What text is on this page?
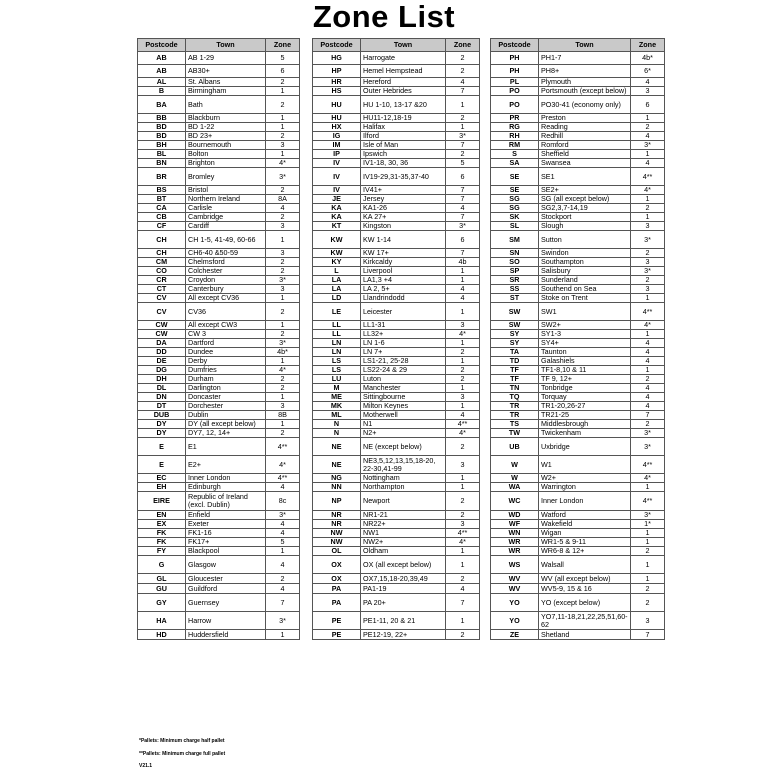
Zone List
Postcode	Town	Zone
AB	AB 1-29	5
AB	AB30+	6
AL	St. Albans	2
B	Birmingham	1
BA	Bath	2
BB	Blackburn	1
BD	BD 1-22	1
BD	BD 23+	2
BH	Bournemouth	3
BL	Bolton	1
BN	Brighton	4*
BR	Bromley	3*
BS	Bristol	2
BT	Northern Ireland	8A
CA	Carlisle	4
CB	Cambridge	2
CF	Cardiff	3
CH	CH 1-5, 41-49, 60-66	1
CH	CH6-40 &50-59	3
CM	Chelmsford	2
CO	Colchester	2
CR	Croydon	3*
CT	Canterbury	3
CV	All except CV36	1
CV	CV36	2
CW	All except CW3	1
CW	CW 3	2
DA	Dartford	3*
DD	Dundee	4b*
DE	Derby	1
DG	Dumfries	4*
DH	Durham	2
DL	Darlington	2
DN	Doncaster	1
DT	Dorchester	3
DUB	Dublin	8B
DY	DY (all except below)	1
DY	DY7, 12, 14+	2
E	E1	4**
E	E2+	4*
EC	Inner London	4**
EH	Edinburgh	4
EIRE	Republic of Ireland (excl. Dublin)	8c
EN	Enfield	3*
EX	Exeter	4
FK	FK1-16	4
FK	FK17+	5
FY	Blackpool	1
G	Glasgow	4
GL	Gloucester	2
GU	Guildford	4
GY	Guernsey	7
HA	Harrow	3*
HD	Huddersfield	1
Postcode	Town	Zone
HG	Harrogate	2
HP	Hemel Hempstead	2
HR	Hereford	4
HS	Outer Hebrides	7
HU	HU 1-10, 13-17 &20	1
HU	HU11-12,18-19	2
HX	Halifax	1
IG	Ilford	3*
IM	Isle of Man	7
IP	Ipswich	2
IV	IV1-18, 30, 36	5
IV	IV19-29,31-35,37-40	6
IV	IV41+	7
JE	Jersey	7
KA	KA1-26	4
KA	KA 27+	7
KT	Kingston	3*
KW	KW 1-14	6
KW	KW 17+	7
KY	Kirkcaldy	4b
L	Liverpool	1
LA	LA1,3 +4	1
LA	LA 2, 5+	4
LD	Llandrindodd	4
LE	Leicester	1
LL	LL1-31	3
LL	LL32+	4*
LN	LN 1-6	1
LN	LN 7+	2
LS	LS1-21, 25-28	1
LS	LS22-24 & 29	2
LU	Luton	2
M	Manchester	1
ME	Sittingbourne	3
MK	Milton Keynes	1
ML	Motherwell	4
N	N1	4**
N	N2+	4*
NE	NE (except below)	2
NE	NE3,5,12,13,15,18-20, 22-30,41-99	3
NG	Nottingham	1
NN	Northampton	1
NP	Newport	2
NR	NR1-21	2
NR	NR22+	3
NW	NW1	4**
NW	NW2+	4*
OL	Oldham	1
OX	OX (all except below)	1
OX	OX7,15,18-20,39,49	2
PA	PA1-19	4
PA	PA 20+	7
PE	PE1-11, 20 & 21	1
PE	PE12-19, 22+	2
Postcode	Town	Zone
PH	PH1-7	4b*
PH	PH8+	6*
PL	Plymouth	4
PO	Portsmouth (except below)	3
PO	PO30-41 (economy only)	6
PR	Preston	1
RG	Reading	2
RH	Redhill	4
RM	Romford	3*
S	Sheffield	1
SA	Swansea	4
SE	SE1	4**
SE	SE2+	4*
SG	SG (all except below)	1
SG	SG2,3,7-14,19	2
SK	Stockport	1
SL	Slough	3
SM	Sutton	3*
SN	Swindon	2
SO	Southampton	3
SP	Salisbury	3*
SR	Sunderland	2
SS	Southend on Sea	3
ST	Stoke on Trent	1
SW	SW1	4**
SW	SW2+	4*
SY	SY1-3	1
SY	SY4+	4
TA	Taunton	4
TD	Galashiels	4
TF	TF1-8,10 & 11	1
TF	TF 9, 12+	2
TN	Tonbridge	4
TQ	Torquay	4
TR	TR1-20,26-27	4
TR	TR21-25	7
TS	Middlesbrough	2
TW	Twickenham	3*
UB	Uxbridge	3*
W	W1	4**
W	W2+	4*
WA	Warrington	1
WC	Inner London	4**
WD	Watford	3*
WF	Wakefield	1*
WN	Wigan	1
WR	WR1-5 & 9-11	1
WR	WR6-8 & 12+	2
WS	Walsall	1
WV	WV (all except below)	1
WV	WV5-9, 15 & 16	2
YO	YO (except below)	2
YO	YO7,11-18,21,22,25,51,60-62	3
ZE	Shetland	7
*Pallets: Minimum charge half pallet
**Pallets: Minimum charge full pallet
V21.1
